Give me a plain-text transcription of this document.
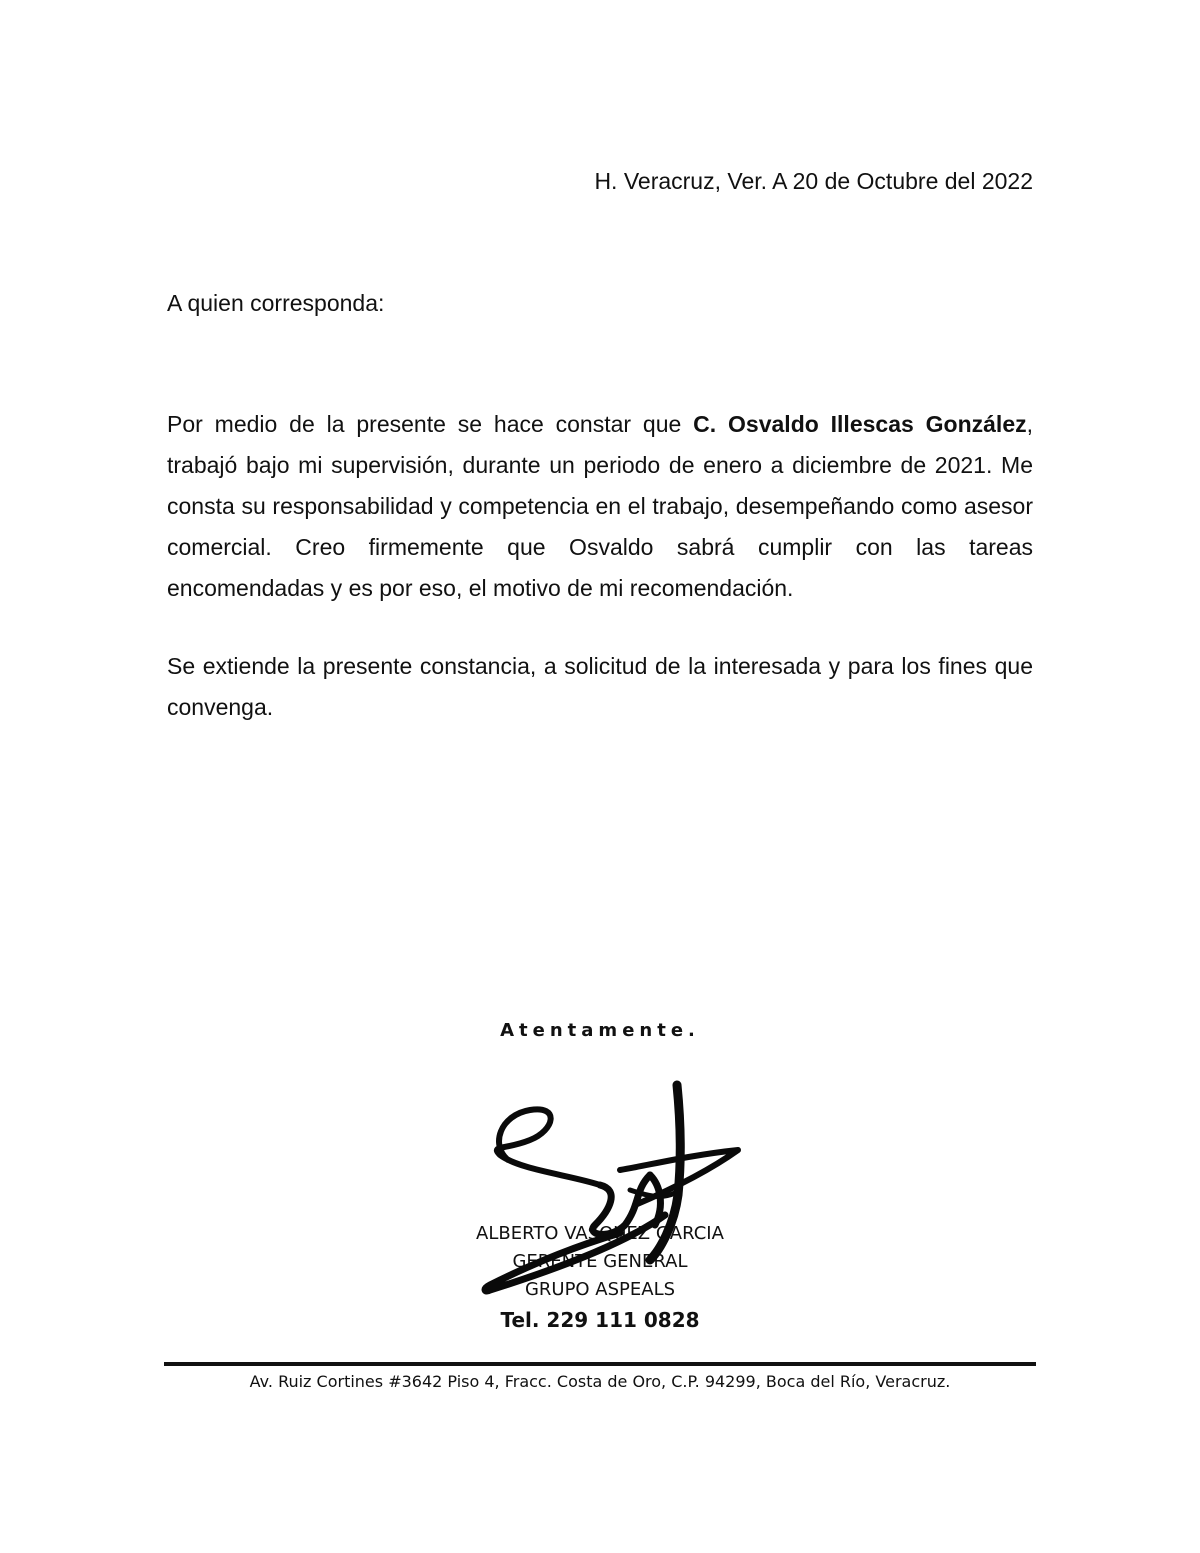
H. Veracruz, Ver. A 20 de Octubre del 2022
A quien corresponda:

Por medio de la presente se hace constar que C. Osvaldo Illescas González, trabajó bajo mi supervisión, durante un periodo de enero a diciembre de 2021. Me consta su responsabilidad y competencia en el trabajo, desempeñando como asesor comercial. Creo firmemente que Osvaldo sabrá cumplir con las tareas encomendadas y es por eso, el motivo de mi recomendación.

Se extiende la presente constancia, a solicitud de la interesada y para los fines que convenga.

Atentamente.
ALBERTO VASQUEZ GARCIA
GERENTE GENERAL
GRUPO ASPEALS
Tel. 229 111 0828
Av. Ruiz Cortines #3642 Piso 4, Fracc. Costa de Oro, C.P. 94299, Boca del Río, Veracruz.
